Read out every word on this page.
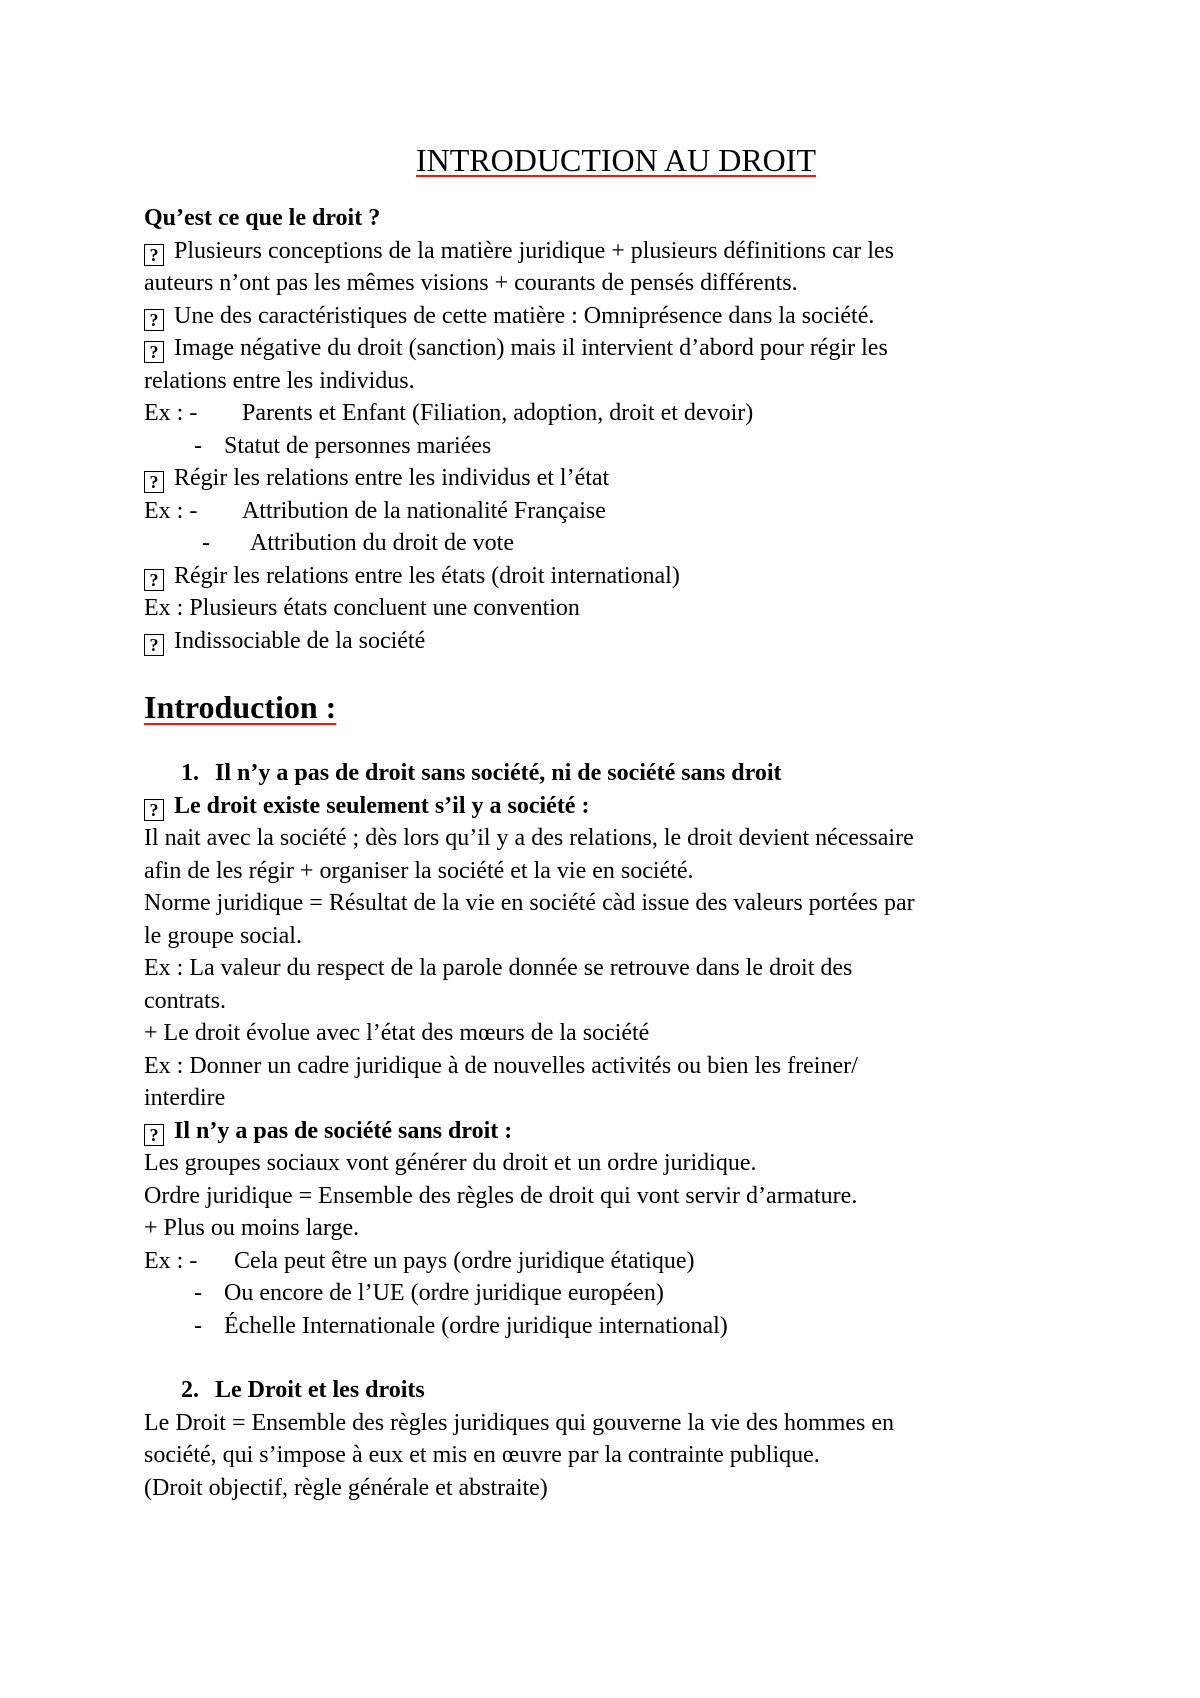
INTRODUCTION AU DROIT
Qu’est ce que le droit ?
? Plusieurs conceptions de la matière juridique + plusieurs définitions car les
auteurs n’ont pas les mêmes visions + courants de pensés différents.
? Une des caractéristiques de cette matière : Omniprésence dans la société.
? Image négative du droit (sanction) mais il intervient d’abord pour régir les
relations entre les individus.
Ex : - Parents et Enfant (Filiation, adoption, droit et devoir)
- Statut de personnes mariées
? Régir les relations entre les individus et l’état
Ex : - Attribution de la nationalité Française
- Attribution du droit de vote
? Régir les relations entre les états (droit international)
Ex : Plusieurs états concluent une convention
? Indissociable de la société
Introduction :
1. Il n’y a pas de droit sans société, ni de société sans droit
? Le droit existe seulement s’il y a société :
Il nait avec la société ; dès lors qu’il y a des relations, le droit devient nécessaire
afin de les régir + organiser la société et la vie en société.
Norme juridique = Résultat de la vie en société càd issue des valeurs portées par
le groupe social.
Ex : La valeur du respect de la parole donnée se retrouve dans le droit des
contrats.
+ Le droit évolue avec l’état des mœurs de la société
Ex : Donner un cadre juridique à de nouvelles activités ou bien les freiner/
interdire
? Il n’y a pas de société sans droit :
Les groupes sociaux vont générer du droit et un ordre juridique.
Ordre juridique = Ensemble des règles de droit qui vont servir d’armature.
+ Plus ou moins large.
Ex : - Cela peut être un pays (ordre juridique étatique)
- Ou encore de l’UE (ordre juridique européen)
- Échelle Internationale (ordre juridique international)
2. Le Droit et les droits
Le Droit = Ensemble des règles juridiques qui gouverne la vie des hommes en
société, qui s’impose à eux et mis en œuvre par la contrainte publique.
(Droit objectif, règle générale et abstraite)
